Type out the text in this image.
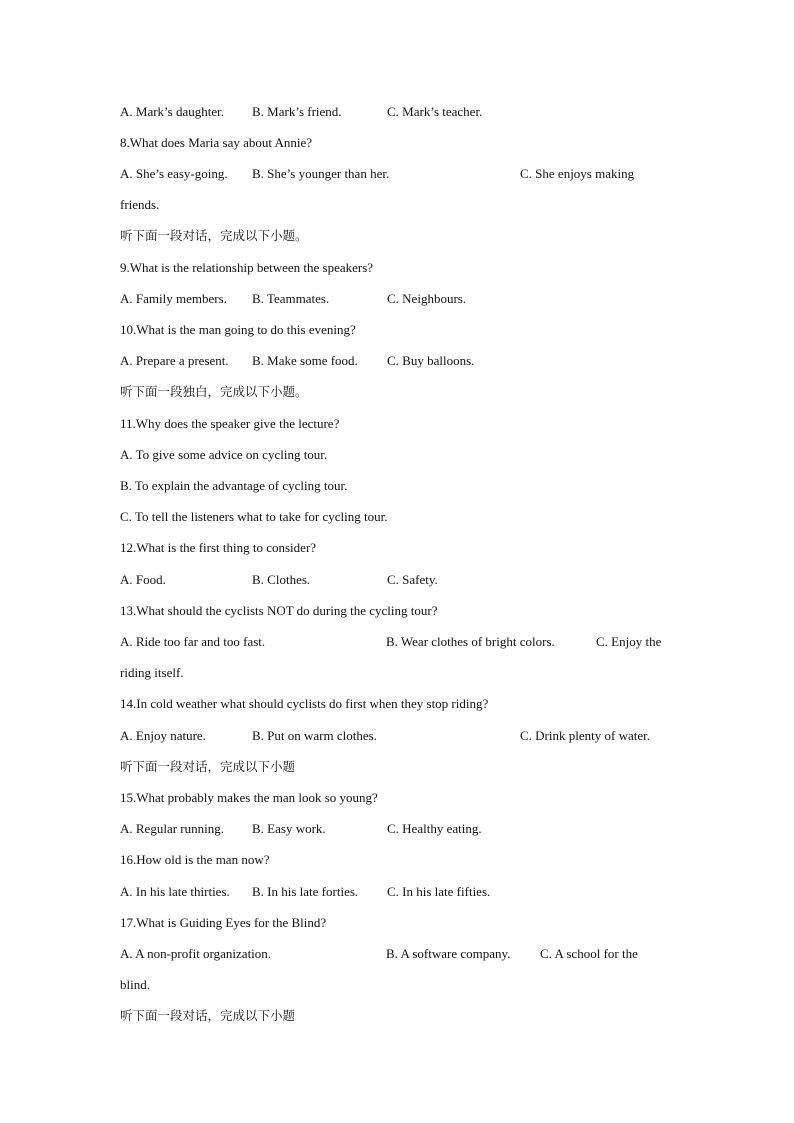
A. Mark’s daughter. B. Mark’s friend.	C. Mark’s teacher.
8.What does Maria say about Annie?
A. She’s easy-going. B. She’s younger than her.	C. She enjoys making
friends.
听下面一段对话，完成以下小题。
9.What is the relationship between the speakers?
A. Family members. B. Teammates.	C. Neighbours.
10.What is the man going to do this evening?
A. Prepare a present. B. Make some food. C. Buy balloons.
听下面一段独白，完成以下小题。
11.Why does the speaker give the lecture?
A. To give some advice on cycling tour.
B. To explain the advantage of cycling tour.
C. To tell the listeners what to take for cycling tour.
12.What is the first thing to consider?
A. Food.	B. Clothes.	C. Safety.
13.What should the cyclists NOT do during the cycling tour?
A. Ride too far and too fast.	B. Wear clothes of bright colors.	C. Enjoy the
riding itself.
14.In cold weather what should cyclists do first when they stop riding?
A. Enjoy nature.	B. Put on warm clothes.	C. Drink plenty of water.
听下面一段对话，完成以下小题
15.What probably makes the man look so young?
A. Regular running. B. Easy work.	C. Healthy eating.
16.How old is the man now?
A. In his late thirties. B. In his late forties. C. In his late fifties.
17.What is Guiding Eyes for the Blind?
A. A non-profit organization.	B. A software company. C. A school for the
blind.
听下面一段对话，完成以下小题
